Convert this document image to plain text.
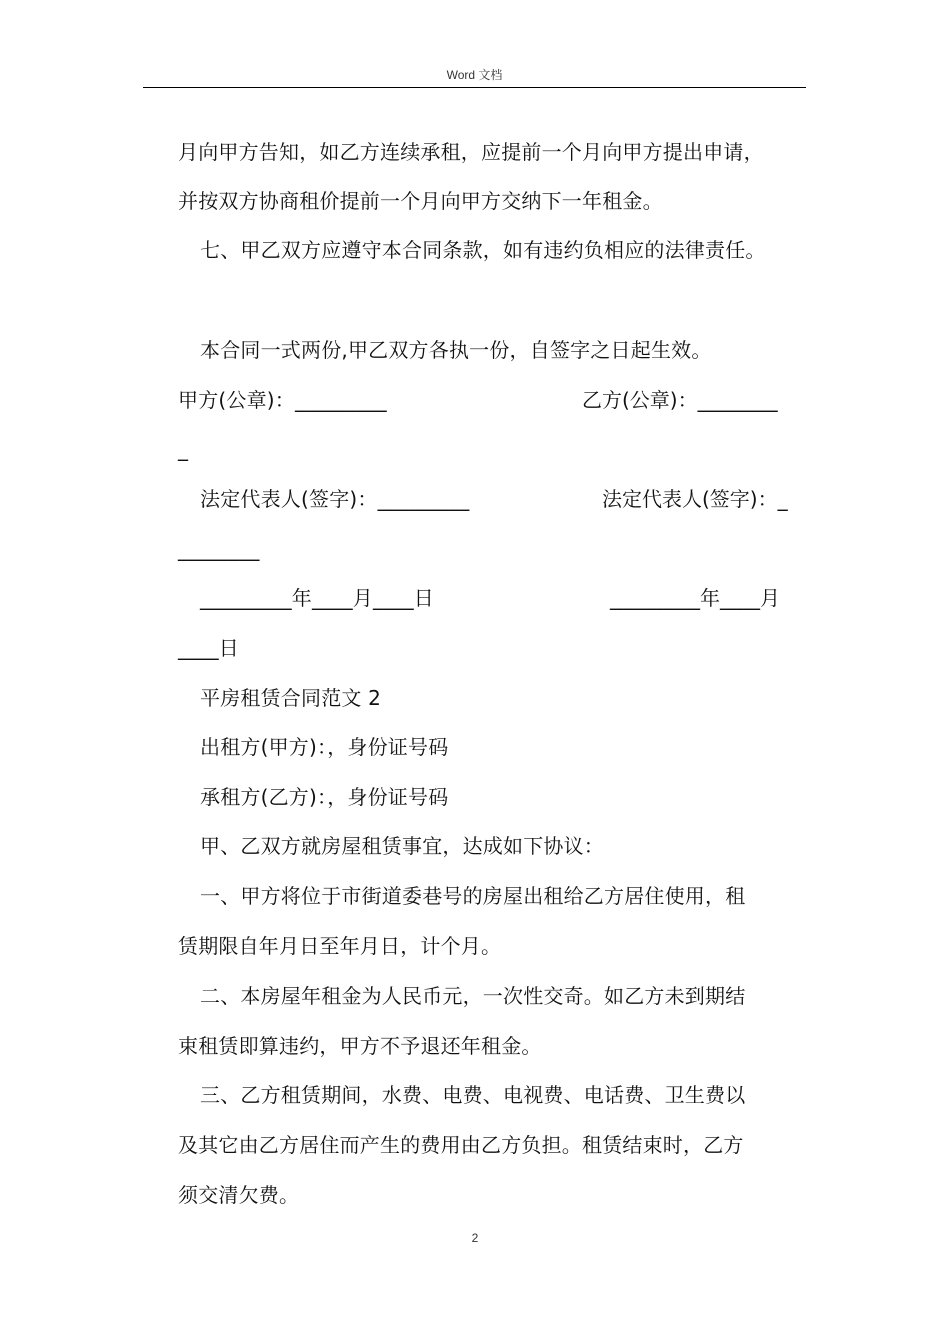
Word 文档
月向甲方告知，如乙方连续承租，应提前一个月向甲方提出申请，
并按双方协商租价提前一个月向甲方交纳下一年租金。
七、甲乙双方应遵守本合同条款，如有违约负相应的法律责任。
本合同一式两份,甲乙双方各执一份，自签字之日起生效。
甲方(公章)：_________	乙方(公章)：________
_
法定代表人(签字)：_________	法定代表人(签字)：_
________
_________年____月____日	_________年____月
____日
平房租赁合同范文 2
出租方(甲方)：，身份证号码
承租方(乙方)：，身份证号码
甲、乙双方就房屋租赁事宜，达成如下协议：
一、甲方将位于市街道委巷号的房屋出租给乙方居住使用，租
赁期限自年月日至年月日，计个月。
二、本房屋年租金为人民币元，一次性交奇。如乙方未到期结
束租赁即算违约，甲方不予退还年租金。
三、乙方租赁期间，水费、电费、电视费、电话费、卫生费以
及其它由乙方居住而产生的费用由乙方负担。租赁结束时，乙方
须交清欠费。
2
